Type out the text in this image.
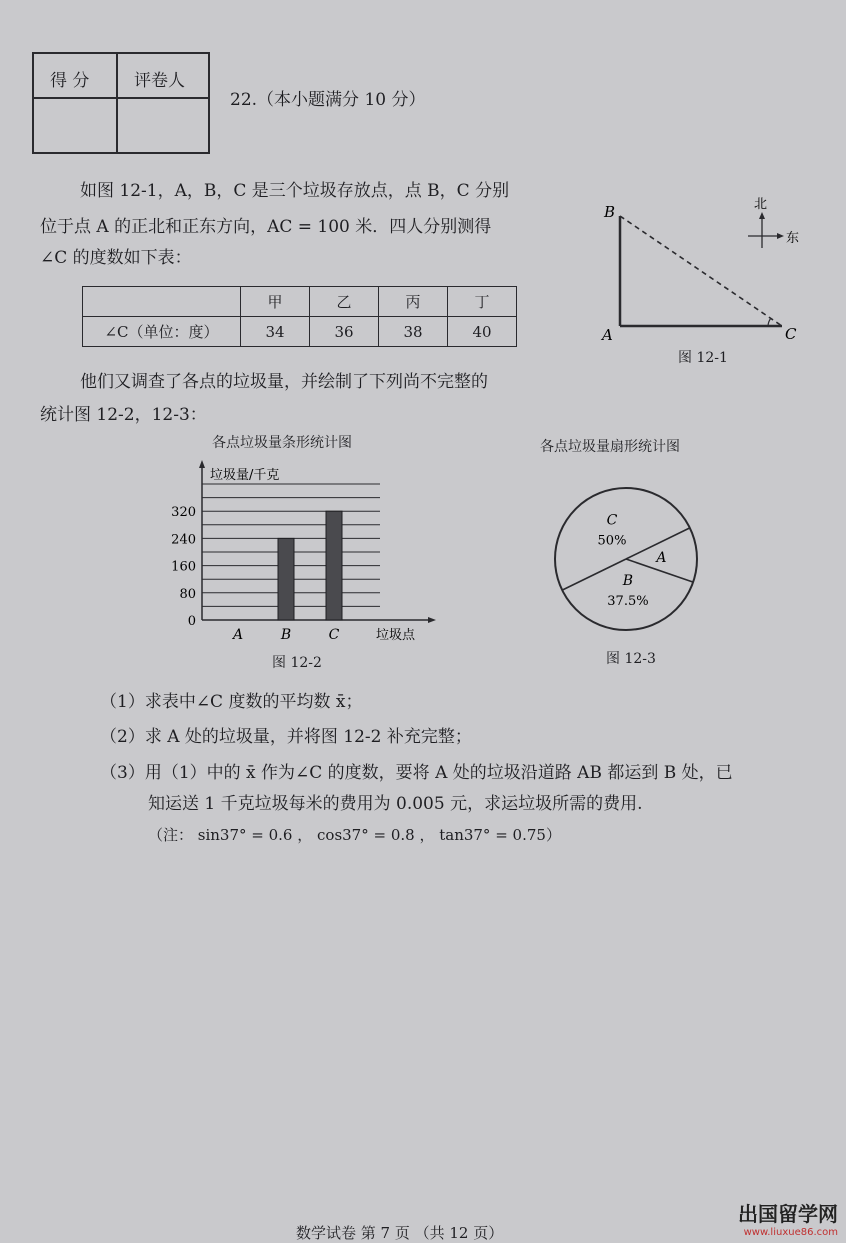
得 分	评卷人
22.（本小题满分 10 分）
如图 12-1，A，B，C 是三个垃圾存放点，点 B，C 分别
位于点 A 的正北和正东方向，AC = 100 米．四人分别测得
∠C 的度数如下表：
	甲	乙	丙	丁
∠C（单位：度）	34	36	38	40
B
A	C
北
东
图 12-1
他们又调查了各点的垃圾量，并绘制了下列尚不完整的
统计图 12-2，12-3：
各点垃圾量条形统计图
垃圾量/千克
垃圾点
0
80
160
240
320
A	B	C
图 12-2
各点垃圾量扇形统计图
C
50%
A
B
37.5%
图 12-3
（1）求表中∠C 度数的平均数 x̄；
（2）求 A 处的垃圾量，并将图 12-2 补充完整；
（3）用（1）中的 x̄ 作为∠C 的度数，要将 A 处的垃圾沿道路 AB 都运到 B 处，已
知运送 1 千克垃圾每米的费用为 0.005 元，求运垃圾所需的费用.
（注： sin37° = 0.6 ， cos37° = 0.8 ， tan37° = 0.75）
数学试卷 第 7 页 （共 12 页）
出国留学网
www.liuxue86.com
